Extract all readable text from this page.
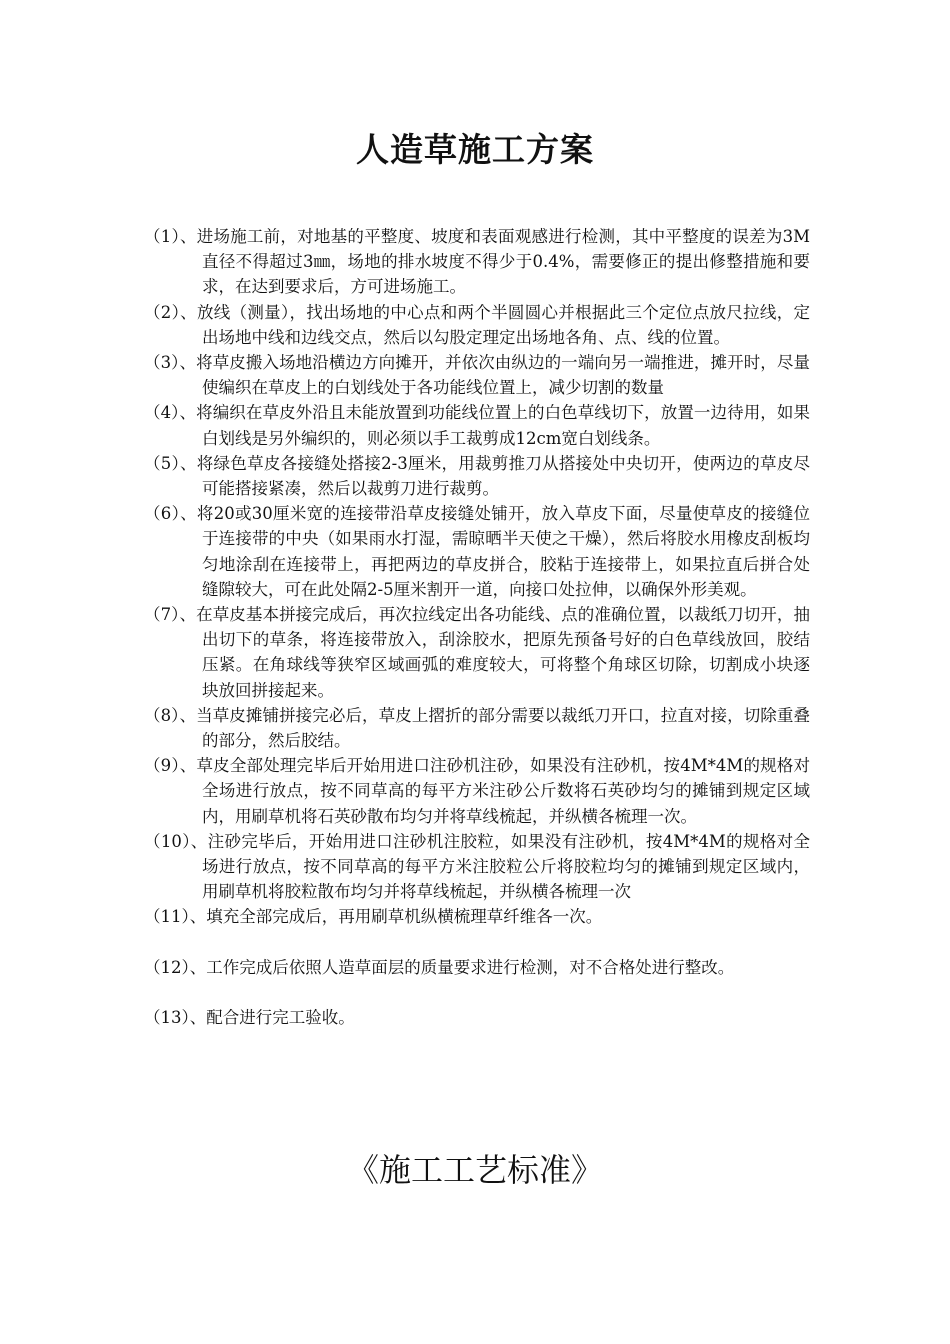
人造草施工方案
（1）、进场施工前，对地基的平整度、坡度和表面观感进行检测，其中平整度的误差为3M直径不得超过3㎜，场地的排水坡度不得少于0.4%，需要修正的提出修整措施和要求，在达到要求后，方可进场施工。
（2）、放线（测量），找出场地的中心点和两个半圆圆心并根据此三个定位点放尺拉线，定出场地中线和边线交点，然后以勾股定理定出场地各角、点、线的位置。
（3）、将草皮搬入场地沿横边方向摊开，并依次由纵边的一端向另一端推进，摊开时，尽量使编织在草皮上的白划线处于各功能线位置上，减少切割的数量
（4）、将编织在草皮外沿且未能放置到功能线位置上的白色草线切下，放置一边待用，如果白划线是另外编织的，则必须以手工裁剪成12cm宽白划线条。
（5）、将绿色草皮各接缝处搭接2-3厘米，用裁剪推刀从搭接处中央切开，使两边的草皮尽可能搭接紧凑，然后以裁剪刀进行裁剪。
（6）、将20或30厘米宽的连接带沿草皮接缝处铺开，放入草皮下面，尽量使草皮的接缝位于连接带的中央（如果雨水打湿，需晾晒半天使之干燥），然后将胶水用橡皮刮板均匀地涂刮在连接带上，再把两边的草皮拼合，胶粘于连接带上，如果拉直后拼合处缝隙较大，可在此处隔2-5厘米割开一道，向接口处拉伸，以确保外形美观。
（7）、在草皮基本拼接完成后，再次拉线定出各功能线、点的准确位置，以裁纸刀切开，抽出切下的草条，将连接带放入，刮涂胶水，把原先预备号好的白色草线放回，胶结压紧。在角球线等狭窄区域画弧的难度较大，可将整个角球区切除，切割成小块逐块放回拼接起来。
（8）、当草皮摊铺拼接完必后，草皮上摺折的部分需要以裁纸刀开口，拉直对接，切除重叠的部分，然后胶结。
（9）、草皮全部处理完毕后开始用进口注砂机注砂，如果没有注砂机，按4M*4M的规格对全场进行放点，按不同草高的每平方米注砂公斤数将石英砂均匀的摊铺到规定区域内，用刷草机将石英砂散布均匀并将草线梳起，并纵横各梳理一次。
（10）、注砂完毕后，开始用进口注砂机注胶粒，如果没有注砂机，按4M*4M的规格对全场进行放点，按不同草高的每平方米注胶粒公斤将胶粒均匀的摊铺到规定区域内，用刷草机将胶粒散布均匀并将草线梳起，并纵横各梳理一次
（11）、填充全部完成后，再用刷草机纵横梳理草纤维各一次。
（12）、工作完成后依照人造草面层的质量要求进行检测，对不合格处进行整改。
（13）、配合进行完工验收。
《施工工艺标准》
